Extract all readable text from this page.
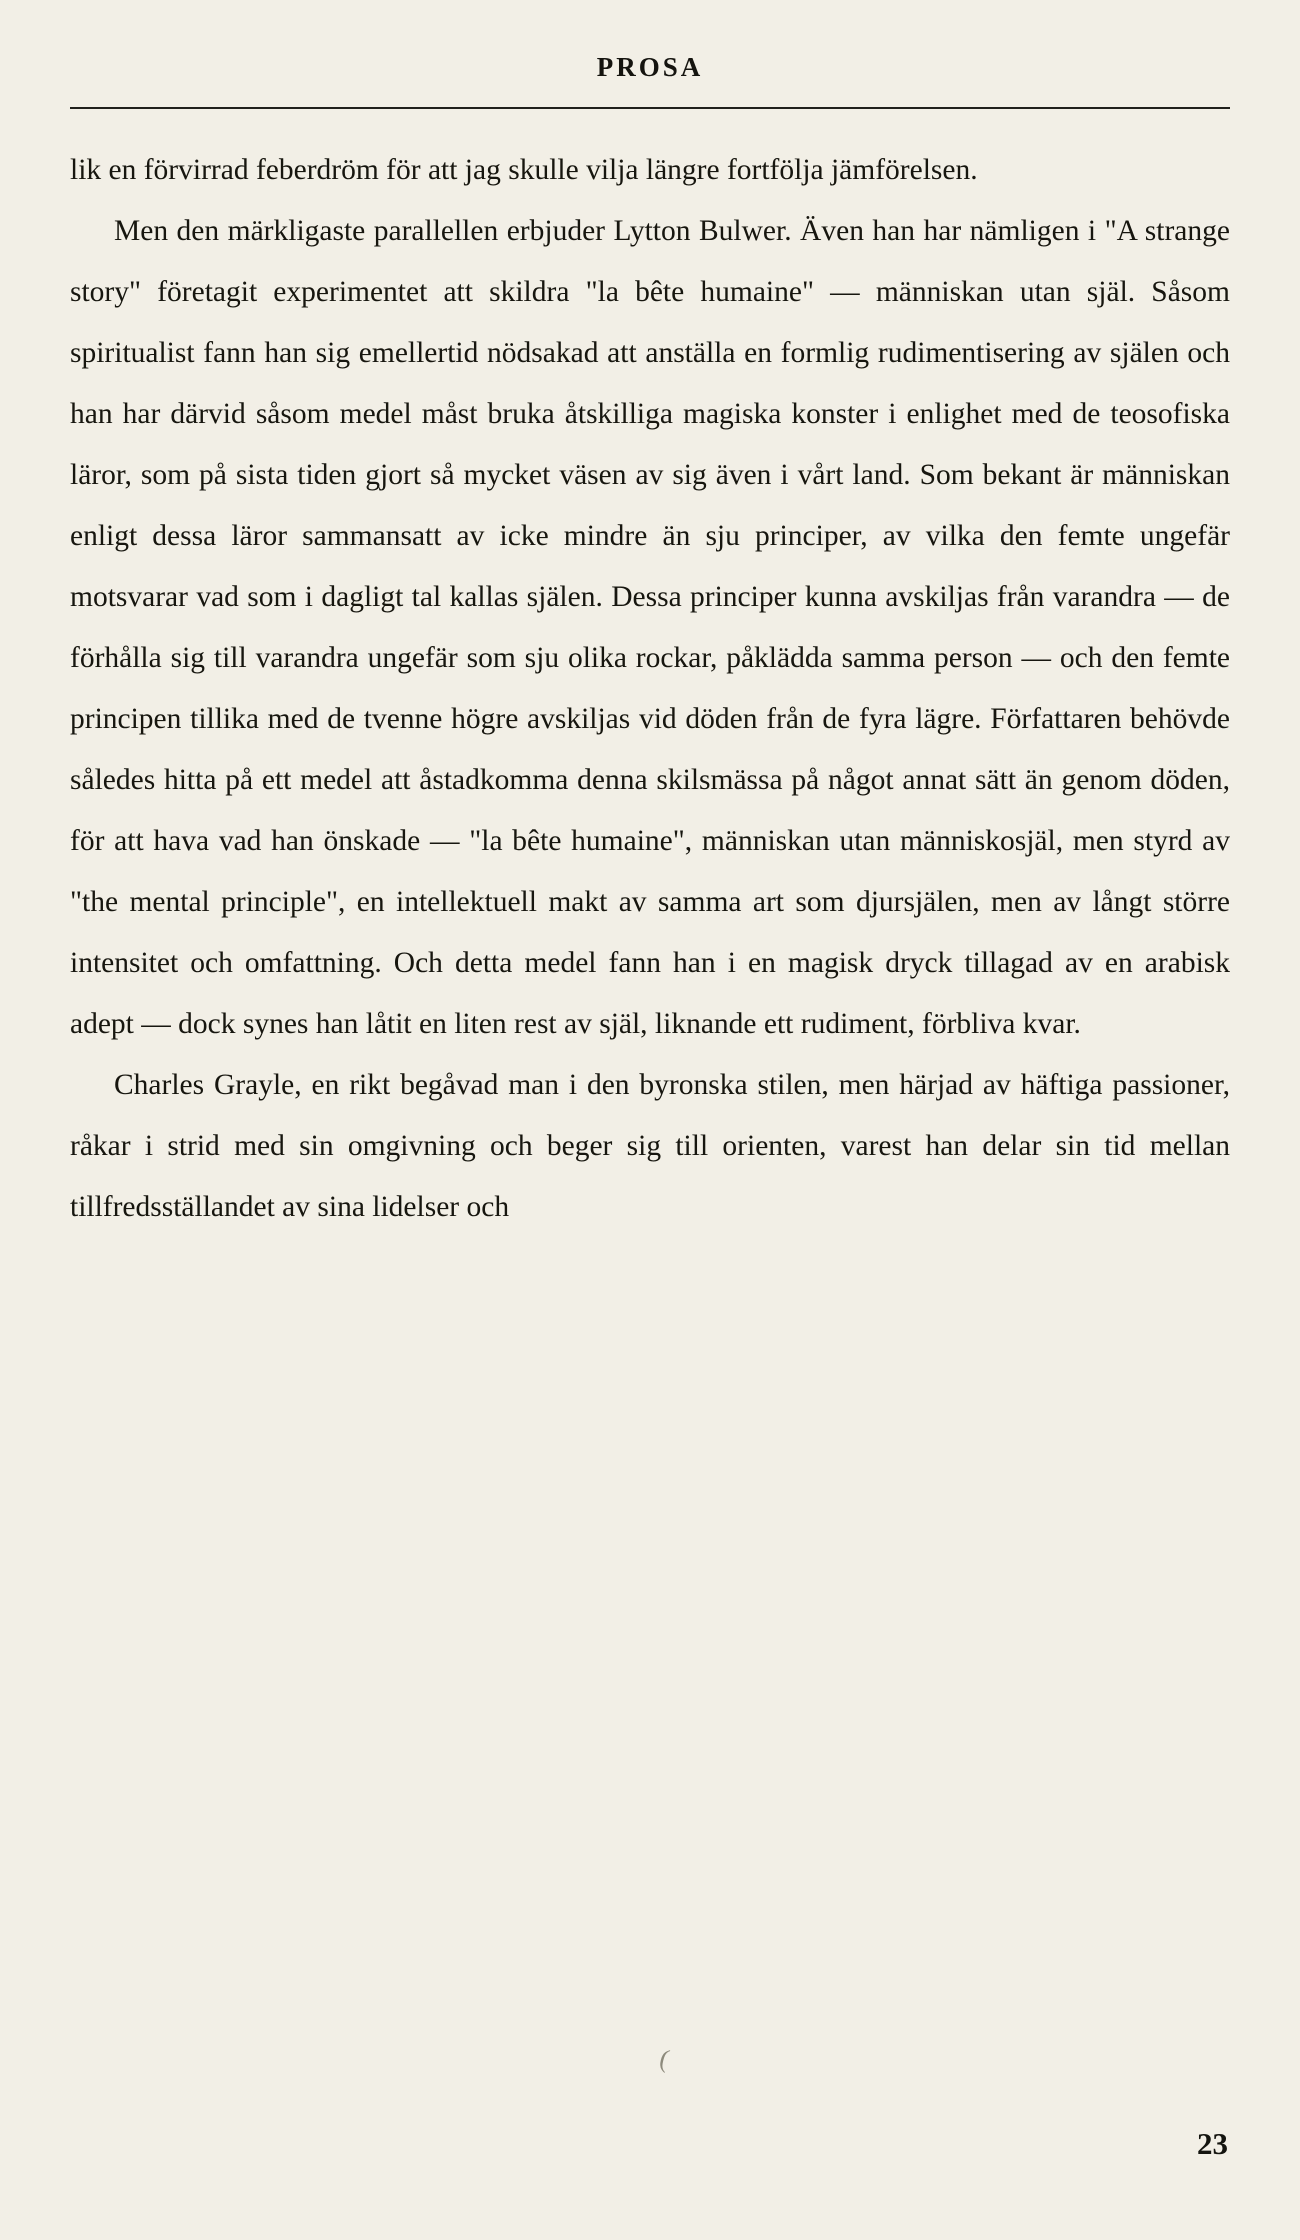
PROSA

lik en förvirrad feberdröm för att jag skulle vilja längre fortfölja jämförelsen.

Men den märkligaste parallellen erbjuder Lytton Bulwer. Även han har nämligen i "A strange story" företagit experimentet att skildra "la bête humaine" — människan utan själ. Såsom spiritualist fann han sig emellertid nödsakad att anställa en formlig rudimentisering av själen och han har därvid såsom medel måst bruka åtskilliga magiska konster i enlighet med de teosofiska läror, som på sista tiden gjort så mycket väsen av sig även i vårt land. Som bekant är människan enligt dessa läror sammansatt av icke mindre än sju principer, av vilka den femte ungefär motsvarar vad som i dagligt tal kallas själen. Dessa principer kunna avskiljas från varandra — de förhålla sig till varandra ungefär som sju olika rockar, påklädda samma person — och den femte principen tillika med de tvenne högre avskiljas vid döden från de fyra lägre. Författaren behövde således hitta på ett medel att åstadkomma denna skilsmässa på något annat sätt än genom döden, för att hava vad han önskade — "la bête humaine", människan utan människosjäl, men styrd av "the mental principle", en intellektuell makt av samma art som djursjälen, men av långt större intensitet och omfattning. Och detta medel fann han i en magisk dryck tillagad av en arabisk adept — dock synes han låtit en liten rest av själ, liknande ett rudiment, förbliva kvar.

Charles Grayle, en rikt begåvad man i den byronska stilen, men härjad av häftiga passioner, råkar i strid med sin omgivning och beger sig till orienten, varest han delar sin tid mellan tillfredsställandet av sina lidelser och

(
23
